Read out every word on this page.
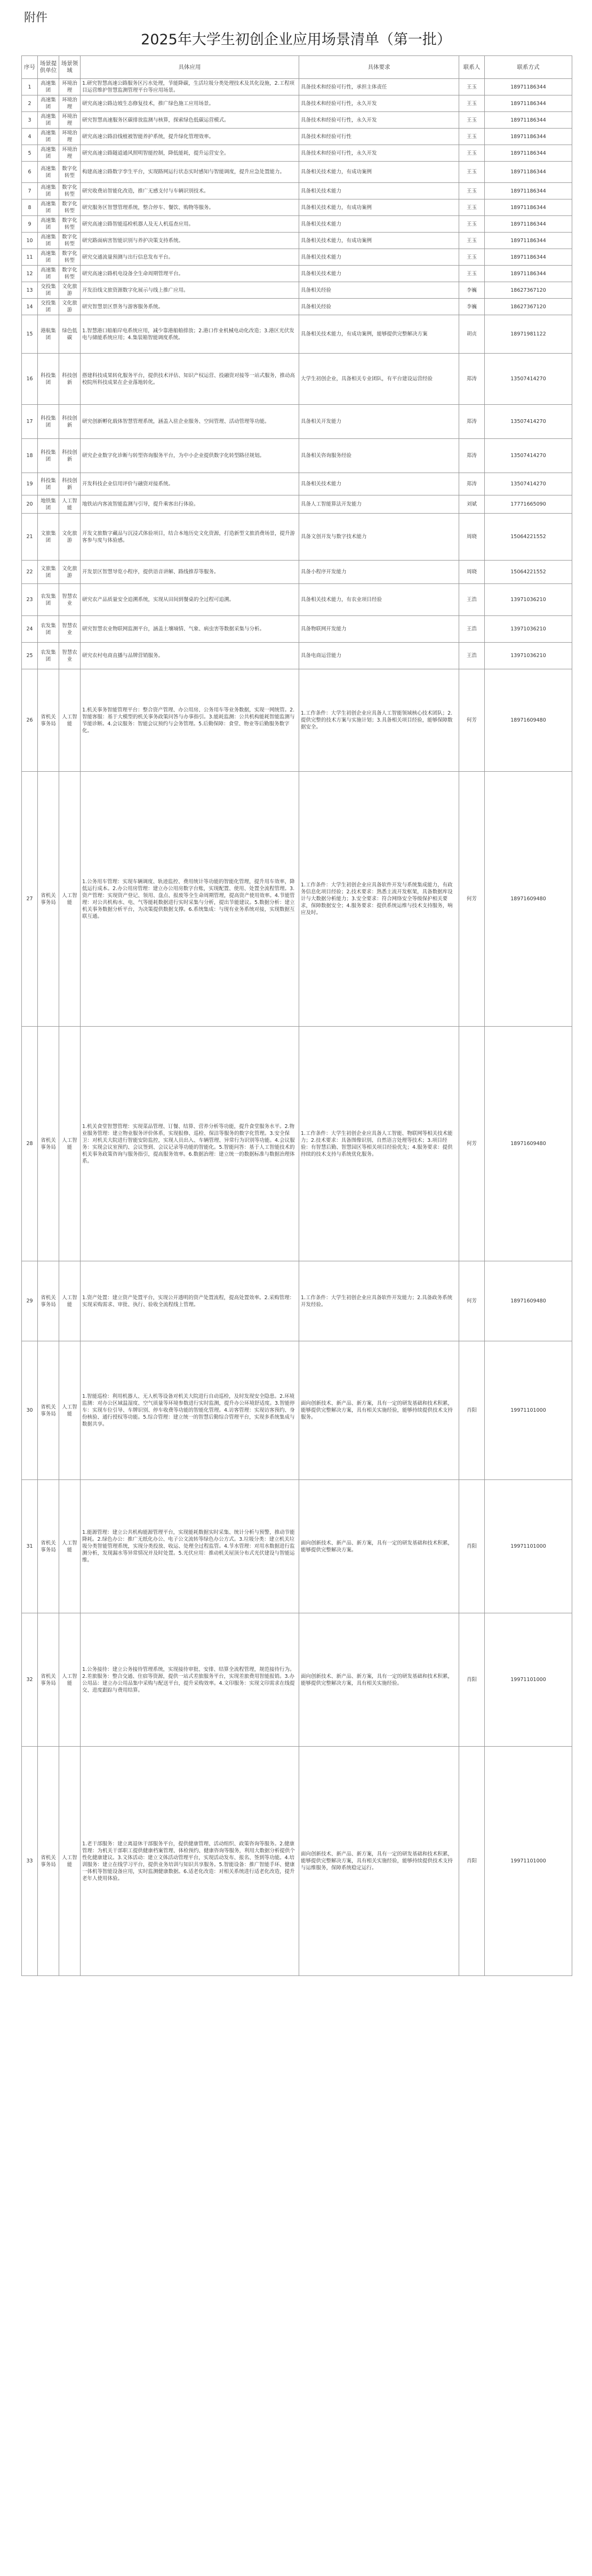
附件
2025年大学生初创企业应用场景清单（第一批）
序号	场景提供单位	场景领域	具体应用	具体要求	联系人	联系方式
1	高速集团	环境治理	1.研究智慧高速公路服务区污水处理，节能降碳，生活垃圾分类处理技术及其化设施，2.工程项目运营维护智慧监测管理平台等应用场景。	具备技术和经验可行性，承担主体责任	王玉	18971186344
2	高速集团	环境治理	研究高速公路边坡生态修复技术，推广绿色施工应用场景。	具备技术和经验可行性，永久开发	王玉	18971186344
3	高速集团	环境治理	研究智慧高速服务区碳排放监测与核算，探索绿色低碳运营模式。	具备技术和经验可行性，永久开发	王玉	18971186344
4	高速集团	环境治理	研究高速公路沿线植被智能养护系统，提升绿化管理效率。	具备技术和经验可行性	王玉	18971186344
5	高速集团	环境治理	研究高速公路隧道通风照明智能控制，降低能耗，提升运营安全。	具备技术和经验可行性，永久开发	王玉	18971186344
6	高速集团	数字化转型	构建高速公路数字孪生平台，实现路网运行状态实时感知与智能调度，提升应急处置能力。	具备相关技术能力，有成功案例	王玉	18971186344
7	高速集团	数字化转型	研究收费站智能化改造，推广无感支付与车辆识别技术。	具备相关技术能力	王玉	18971186344
8	高速集团	数字化转型	研究服务区智慧管理系统，整合停车、餐饮、购物等服务。	具备相关技术能力，有成功案例	王玉	18971186344
9	高速集团	数字化转型	研究高速公路智能巡检机器人及无人机巡查应用。	具备相关技术能力	王玉	18971186344
10	高速集团	数字化转型	研究路面病害智能识别与养护决策支持系统。	具备相关技术能力，有成功案例	王玉	18971186344
11	高速集团	数字化转型	研究交通流量预测与出行信息发布平台。	具备相关技术能力	王玉	18971186344
12	高速集团	数字化转型	研究高速公路机电设备全生命周期管理平台。	具备相关技术能力	王玉	18971186344
13	交投集团	文化旅游	开发沿线文旅资源数字化展示与线上推广应用。	具备相关经验	李巍	18627367120
14	交投集团	文化旅游	研究智慧景区票务与游客服务系统。	具备相关经验	李巍	18627367120
15	港航集团	绿色低碳	1.智慧港口船舶岸电系统应用，减少靠港船舶排放；2.港口作业机械电动化改造；3.港区光伏发电与储能系统应用；4.集装箱智能调度系统。	具备相关技术能力，有成功案例，能够提供完整解决方案	胡贞	18971981122
16	科投集团	科技创新	搭建科技成果转化服务平台，提供技术评估、知识产权运营、投融资对接等一站式服务，推动高校院所科技成果在企业落地转化。	大学生初创企业，具备相关专业团队，有平台建设运营经验	郑涛	13507414270
17	科投集团	科技创新	研究创新孵化载体智慧管理系统，涵盖入驻企业服务、空间管理、活动管理等功能。	具备相关开发能力	郑涛	13507414270
18	科投集团	科技创新	研究企业数字化诊断与转型咨询服务平台，为中小企业提供数字化转型路径规划。	具备相关咨询服务经验	郑涛	13507414270
19	科投集团	科技创新	开发科技企业信用评价与融资对接系统。	具备相关技术能力	郑涛	13507414270
20	地铁集团	人工智能	地铁站内客流智能监测与引导，提升乘客出行体验。	具备人工智能算法开发能力	刘斌	17771665090
21	文旅集团	文化旅游	开发文旅数字藏品与沉浸式体验项目，结合本地历史文化资源，打造新型文旅消费场景，提升游客参与度与体验感。	具备文创开发与数字技术能力	周晓	15064221552
22	文旅集团	文化旅游	开发景区智慧导览小程序，提供语音讲解、路线推荐等服务。	具备小程序开发能力	周晓	15064221552
23	农发集团	智慧农业	研究农产品质量安全追溯系统，实现从田间到餐桌的全过程可追溯。	具备相关技术能力，有农业项目经验	王浩	13971036210
24	农发集团	智慧农业	研究智慧农业物联网监测平台，涵盖土壤墒情、气象、病虫害等数据采集与分析。	具备物联网开发能力	王浩	13971036210
25	农发集团	智慧农业	研究农村电商直播与品牌营销服务。	具备电商运营能力	王浩	13971036210
26	省机关事务局	人工智能	1.机关事务智能管理平台：整合资产管理、办公用房、公务用车等业务数据，实现一网统管。2.智能客服：基于大模型的机关事务政策问答与办事指引。3.能耗监测：公共机构能耗智能监测与节能诊断。4.会议服务：智能会议预约与会务管理。5.后勤保障：食堂、物业等后勤服务数字化。	1.工作条件：大学生初创企业应具备人工智能领域核心技术团队；2.提供完整的技术方案与实施计划；3.具备相关项目经验，能够保障数据安全。	何芳	18971609480
27	省机关事务局	人工智能	1.公务用车管理：实现车辆调度、轨迹监控、费用统计等功能的智能化管理，提升用车效率，降低运行成本。2.办公用房管理：建立办公用房数字台账，实现配置、使用、处置全流程管理。3.资产管理：实现资产登记、领用、盘点、报废等全生命周期管理，提高资产使用效率。4.节能管理：对公共机构水、电、气等能耗数据进行实时采集与分析，提出节能建议。5.数据分析：建立机关事务数据分析平台，为决策提供数据支撑。6.系统集成：与现有业务系统对接，实现数据互联互通。	1.工作条件：大学生初创企业应具备软件开发与系统集成能力，有政务信息化项目经验；2.技术要求：熟悉主流开发框架，具备数据库设计与大数据分析能力；3.安全要求：符合网络安全等级保护相关要求，保障数据安全；4.服务要求：提供系统运维与技术支持服务，响应及时。	何芳	18971609480
28	省机关事务局	人工智能	1.机关食堂智慧管理：实现菜品管理、订餐、结算、营养分析等功能，提升食堂服务水平。2.物业服务管理：建立物业服务评价体系，实现报修、巡检、保洁等服务的数字化管理。3.安全保卫：对机关大院进行智能安防监控，实现人员出入、车辆管理、异常行为识别等功能。4.会议服务：实现会议室预约、会议签到、会议记录等功能的智能化。5.智能问答：基于人工智能技术的机关事务政策咨询与服务指引，提高服务效率。6.数据治理：建立统一的数据标准与数据治理体系。	1.工作条件：大学生初创企业应具备人工智能、物联网等相关技术能力；2.技术要求：具备图像识别、自然语言处理等技术；3.项目经验：有智慧后勤、智慧园区等相关项目经验优先；4.服务要求：提供持续的技术支持与系统优化服务。	何芳	18971609480
29	省机关事务局	人工智能	1.资产处置：建立资产处置平台，实现公开透明的资产处置流程，提高处置效率。2.采购管理：实现采购需求、审批、执行、验收全流程线上管理。	1.工作条件：大学生初创企业应具备软件开发能力；2.具备政务系统开发经验。	何芳	18971609480
30	省机关事务局	人工智能	1.智能巡检：利用机器人、无人机等设备对机关大院进行自动巡检，及时发现安全隐患。2.环境监测：对办公区域温湿度、空气质量等环境参数进行实时监测，提升办公环境舒适度。3.智能停车：实现车位引导、车牌识别、停车收费等功能的智能化管理。4.访客管理：实现访客预约、身份核验、通行授权等功能。5.综合管理：建立统一的智慧后勤综合管理平台，实现多系统集成与数据共享。	面向创新技术、新产品、新方案，具有一定的研发基础和技术积累，能够提供完整解决方案，具有相关实施经验，能够持续提供技术支持服务。	肖阳	19971101000
31	省机关事务局	人工智能	1.能源管理：建立公共机构能源管理平台，实现能耗数据实时采集、统计分析与预警，推动节能降耗。2.绿色办公：推广无纸化办公、电子公文流转等绿色办公方式。3.垃圾分类：建立机关垃圾分类智能管理系统，实现分类投放、收运、处理全过程监管。4.节水管理：对用水数据进行监测分析，发现漏水等异常情况并及时处置。5.光伏应用：推动机关屋顶分布式光伏建设与智能运维。	面向创新技术、新产品、新方案，具有一定的研发基础和技术积累，能够提供完整解决方案。	肖阳	19971101000
32	省机关事务局	人工智能	1.公务接待：建立公务接待管理系统，实现接待审批、安排、结算全流程管理，规范接待行为。2.差旅服务：整合交通、住宿等资源，提供一站式差旅服务平台，实现差旅费用智能报销。3.办公用品：建立办公用品集中采购与配送平台，提升采购效率。4.文印服务：实现文印需求在线提交、进度跟踪与费用结算。	面向创新技术、新产品、新方案，具有一定的研发基础和技术积累，能够提供完整解决方案，具有相关实施经验。	肖阳	19971101000
33	省机关事务局	人工智能	1.老干部服务：建立离退休干部服务平台，提供健康管理、活动组织、政策咨询等服务。2.健康管理：为机关干部职工提供健康档案管理、体检预约、健康咨询等服务，利用大数据分析提供个性化健康建议。3.文体活动：建立文体活动管理平台，实现活动发布、报名、签到等功能。4.培训服务：建立在线学习平台，提供业务培训与知识共享服务。5.智能设备：推广智能手环、健康一体机等智能设备应用，实时监测健康数据。6.适老化改造：对相关系统进行适老化改造，提升老年人使用体验。	面向创新技术、新产品、新方案，具有一定的研发基础和技术积累，能够提供完整解决方案，具有相关实施经验，能够持续提供技术支持与运维服务，保障系统稳定运行。	肖阳	19971101000
